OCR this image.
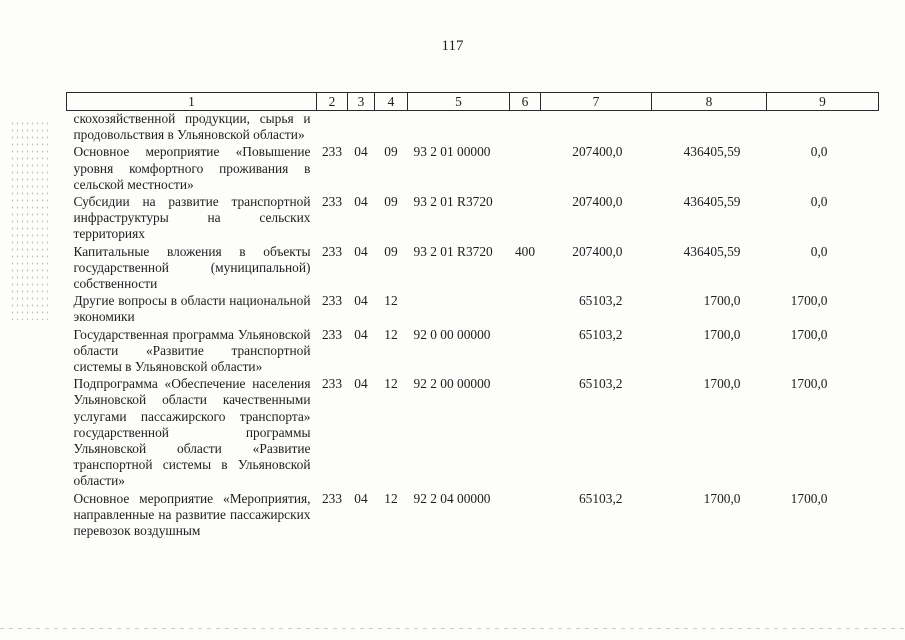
117
1	2	3	4	5	6	7	8	9
скохозяйственной продукции, сырья и продовольствия в Ульяновской области»								
Основное мероприятие «Повышение уровня комфортного проживания в сельской местности»	233	04	09	93 2 01 00000		207400,0	436405,59	0,0
Субсидии на развитие транспортной инфраструктуры на сельских территориях	233	04	09	93 2 01 R3720		207400,0	436405,59	0,0
Капитальные вложения в объекты государственной (муниципальной) собственности	233	04	09	93 2 01 R3720	400	207400,0	436405,59	0,0
Другие вопросы в области национальной экономики	233	04	12			65103,2	1700,0	1700,0
Государственная программа Ульяновской области «Развитие транспортной системы в Ульяновской области»	233	04	12	92 0 00 00000		65103,2	1700,0	1700,0
Подпрограмма «Обеспечение населения Ульяновской области качественными услугами пассажирского транспорта» государственной программы Ульяновской области «Развитие транспортной системы в Ульяновской области»	233	04	12	92 2 00 00000		65103,2	1700,0	1700,0
Основное мероприятие «Мероприятия, направленные на развитие пассажирских перевозок воздушным	233	04	12	92 2 04 00000		65103,2	1700,0	1700,0
